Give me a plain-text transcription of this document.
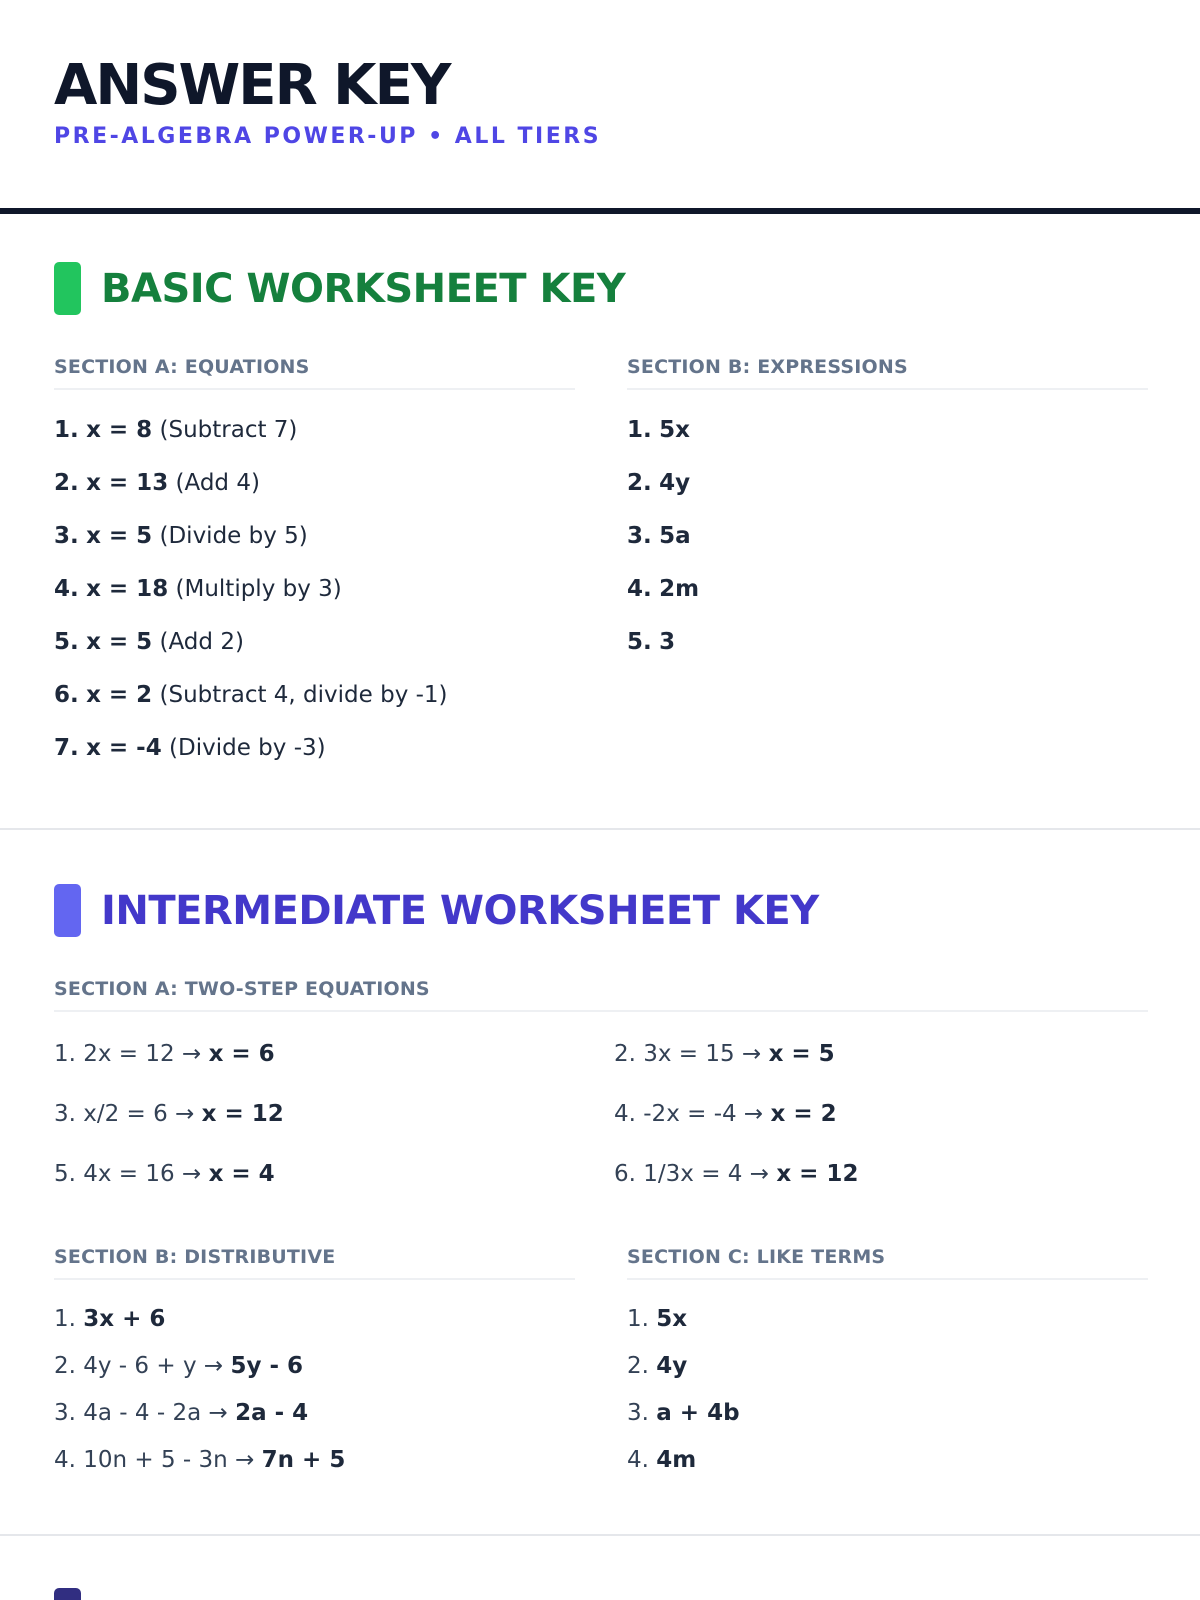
ANSWER KEY
PRE-ALGEBRA POWER-UP • ALL TIERS
BASIC WORKSHEET KEY
SECTION A: EQUATIONS	SECTION B: EXPRESSIONS
1. x = 8 (Subtract 7)
2. x = 13 (Add 4)
3. x = 5 (Divide by 5)
4. x = 18 (Multiply by 3)
5. x = 5 (Add 2)
6. x = 2 (Subtract 4, divide by -1)
7. x = -4 (Divide by -3)
1. 5x
2. 4y
3. 5a
4. 2m
5. 3
INTERMEDIATE WORKSHEET KEY
SECTION A: TWO-STEP EQUATIONS
1. 2x = 12 → x = 6	2. 3x = 15 → x = 5
3. x/2 = 6 → x = 12	4. -2x = -4 → x = 2
5. 4x = 16 → x = 4	6. 1/3x = 4 → x = 12
SECTION B: DISTRIBUTIVE	SECTION C: LIKE TERMS
1. 3x + 6
2. 4y - 6 + y → 5y - 6
3. 4a - 4 - 2a → 2a - 4
4. 10n + 5 - 3n → 7n + 5
1. 5x
2. 4y
3. a + 4b
4. 4m
